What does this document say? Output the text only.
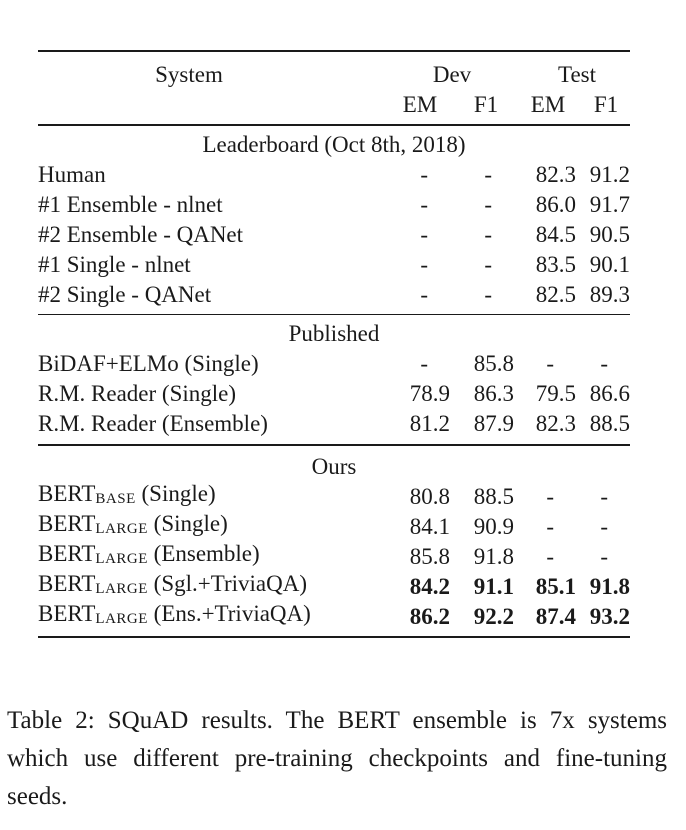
System	Dev	Test
EM	F1	EM	F1
Leaderboard (Oct 8th, 2018)
Human	-	-	82.3 91.2
#1 Ensemble - nlnet	-	-	86.0 91.7
#2 Ensemble - QANet	-	-	84.5 90.5
#1 Single - nlnet	-	-	83.5 90.1
#2 Single - QANet	-	-	82.5 89.3
Published
BiDAF+ELMo (Single)	-	85.8	-	-
R.M. Reader (Single)	78.9	86.3 79.5 86.6
R.M. Reader (Ensemble)	81.2	87.9 82.3 88.5
Ours
BERTBASE (Single)	80.8	88.5	-	-
BERTLARGE (Single)	84.1	90.9	-	-
BERTLARGE (Ensemble)	85.8	91.8	-	-
BERTLARGE (Sgl.+TriviaQA)	84.2	91.1 85.1 91.8
BERTLARGE (Ens.+TriviaQA)	86.2	92.2 87.4 93.2
Table 2: SQuAD results. The BERT ensemble is 7x systems which use different pre-training checkpoints and fine-tuning seeds.
